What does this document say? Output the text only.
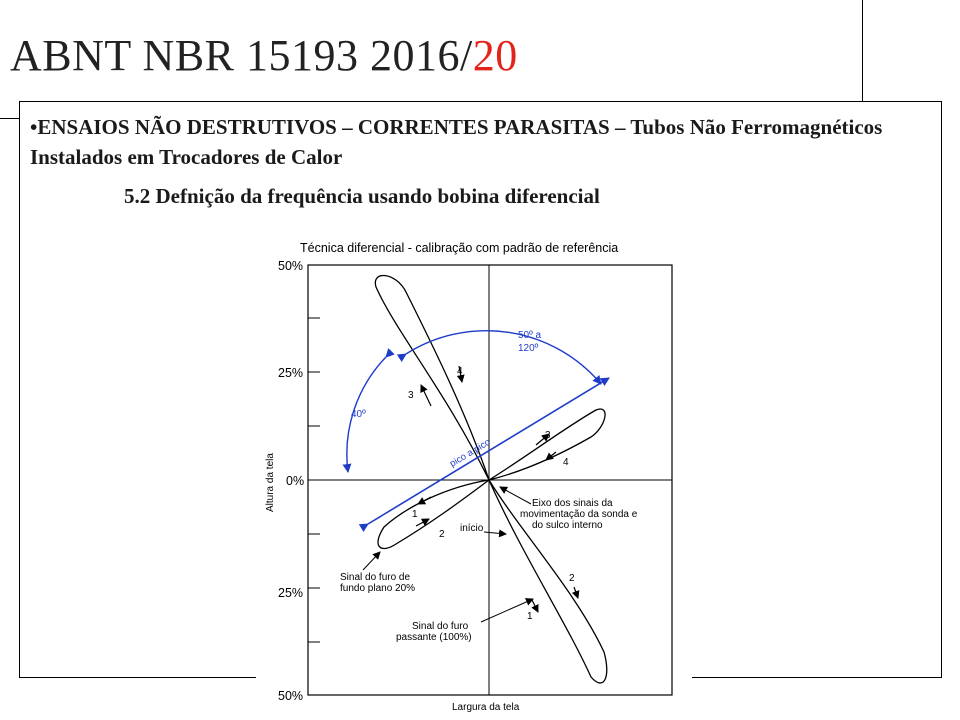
ABNT NBR 15193 2016/20
•ENSAIOS NÃO DESTRUTIVOS – CORRENTES PARASITAS – Tubos Não Ferromagnéticos Instalados em Trocadores de Calor
5.2 Defnição da frequência usando bobina diferencial
Técnica diferencial - calibração com padrão de referência
50%
25%
0%
25%
50%
Altura da tela
Largura da tela
3
4
3
4
1
2
2
1
40º
50º a
120º
pico a pico
Eixo dos sinais da
movimentação da sonda e
do sulco interno
início
Sinal do furo de
fundo plano 20%
Sinal do furo
passante (100%)
